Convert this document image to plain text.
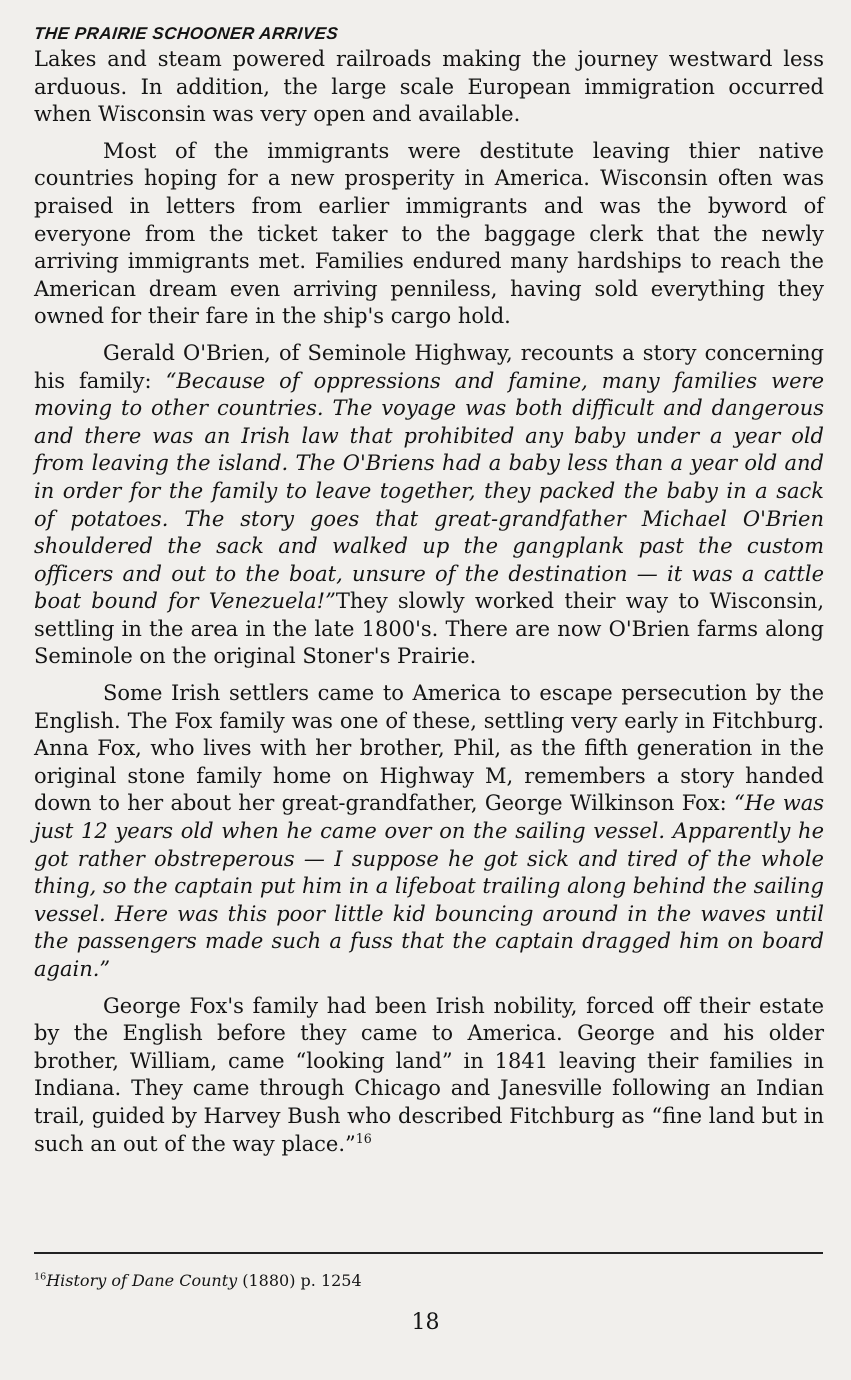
THE PRAIRIE SCHOONER ARRIVES

Lakes and steam powered railroads making the journey westward less arduous. In addition, the large scale European immigration occurred when Wisconsin was very open and available.

Most of the immigrants were destitute leaving thier native countries hoping for a new prosperity in America. Wisconsin often was praised in letters from earlier immigrants and was the byword of everyone from the ticket taker to the baggage clerk that the newly arriving immigrants met. Families endured many hardships to reach the American dream even arriving penniless, having sold everything they owned for their fare in the ship's cargo hold.

Gerald O'Brien, of Seminole Highway, recounts a story concerning his family: “Because of oppressions and famine, many families were moving to other countries. The voyage was both difficult and dangerous and there was an Irish law that prohibited any baby under a year old from leaving the island. The O'Briens had a baby less than a year old and in order for the family to leave together, they packed the baby in a sack of potatoes. The story goes that great-grandfather Michael O'Brien shouldered the sack and walked up the gangplank past the custom officers and out to the boat, unsure of the destination — it was a cattle boat bound for Venezuela!”They slowly worked their way to Wisconsin, settling in the area in the late 1800's. There are now O'Brien farms along Seminole on the original Stoner's Prairie.

Some Irish settlers came to America to escape persecution by the English. The Fox family was one of these, settling very early in Fitchburg. Anna Fox, who lives with her brother, Phil, as the fifth generation in the original stone family home on Highway M, remembers a story handed down to her about her great-grandfather, George Wilkinson Fox: “He was just 12 years old when he came over on the sailing vessel. Apparently he got rather obstreperous — I suppose he got sick and tired of the whole thing, so the captain put him in a lifeboat trailing along behind the sailing vessel. Here was this poor little kid bouncing around in the waves until the passengers made such a fuss that the captain dragged him on board again.”

George Fox's family had been Irish nobility, forced off their estate by the English before they came to America. George and his older brother, William, came “looking land” in 1841 leaving their families in Indiana. They came through Chicago and Janesville following an Indian trail, guided by Harvey Bush who described Fitchburg as “fine land but in such an out of the way place.”$^{16}$

$^{16}$History of Dane County (1880) p. 1254
18
